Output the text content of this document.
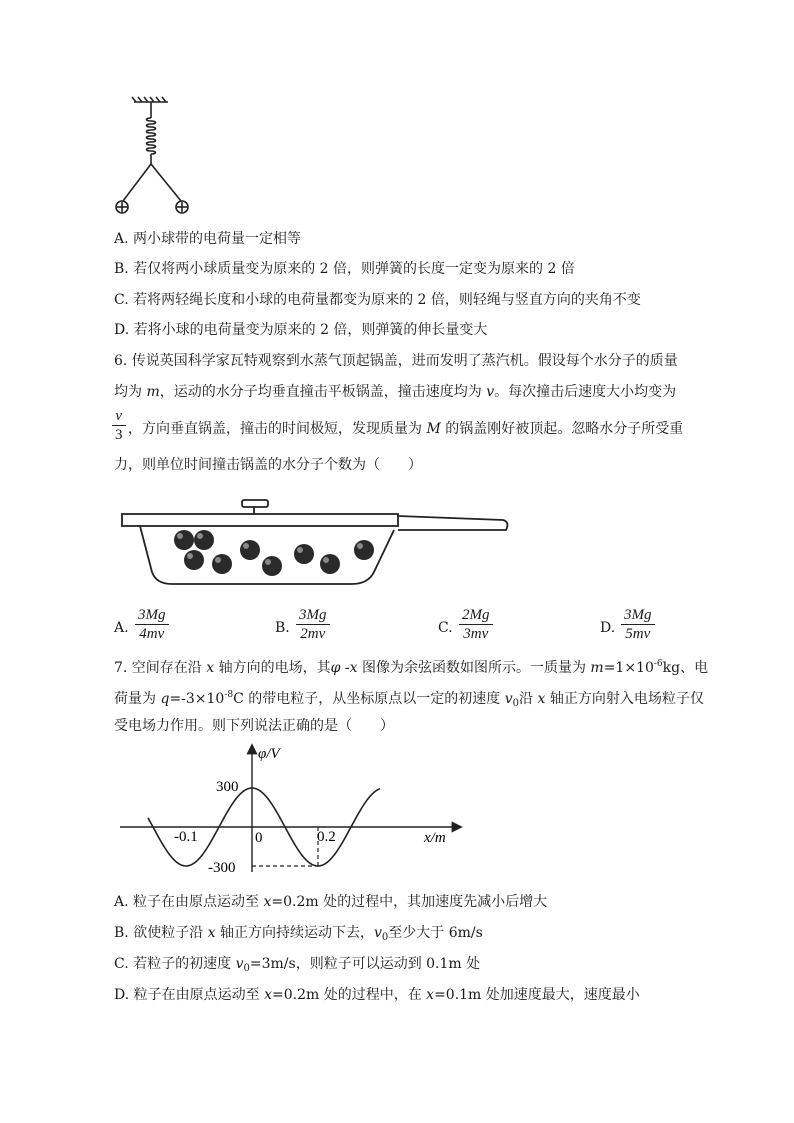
A. 两小球带的电荷量一定相等
B. 若仅将两小球质量变为原来的 2 倍，则弹簧的长度一定变为原来的 2 倍
C. 若将两轻绳长度和小球的电荷量都变为原来的 2 倍，则轻绳与竖直方向的夹角不变
D. 若将小球的电荷量变为原来的 2 倍，则弹簧的伸长量变大
6. 传说英国科学家瓦特观察到水蒸气顶起锅盖，进而发明了蒸汽机。假设每个水分子的质量
均为 m，运动的水分子均垂直撞击平板锅盖，撞击速度均为 v。每次撞击后速度大小均变为
$\frac{v}{3}$ ，方向垂直锅盖，撞击的时间极短，发现质量为 M 的锅盖刚好被顶起。忽略水分子所受重
力，则单位时间撞击锅盖的水分子个数为（　　）
A. $\frac{3Mg}{4mv}$	B. $\frac{3Mg}{2mv}$	C. $\frac{2Mg}{3mv}$	D. $\frac{3Mg}{5mv}$
7. 空间存在沿 x 轴方向的电场，其φ -x 图像为余弦函数如图所示。一质量为 $m=1\times 10^{-6}kg$、电
荷量为 $q=-3\times 10^{-8}C$ 的带电粒子，从坐标原点以一定的初速度 $v_0$沿 x 轴正方向射入电场粒子仅
受电场力作用。则下列说法正确的是（　　）
φ/V
x/m
300
-300
-0.1	0	0.2
A. 粒子在由原点运动至 x=0.2m 处的过程中，其加速度先减小后增大
B. 欲使粒子沿 x 轴正方向持续运动下去，$v_0$至少大于 6m/s
C. 若粒子的初速度 $v_0=3m/s$，则粒子可以运动到 0.1m 处
D. 粒子在由原点运动至 x=0.2m 处的过程中，在 x=0.1m 处加速度最大，速度最小
